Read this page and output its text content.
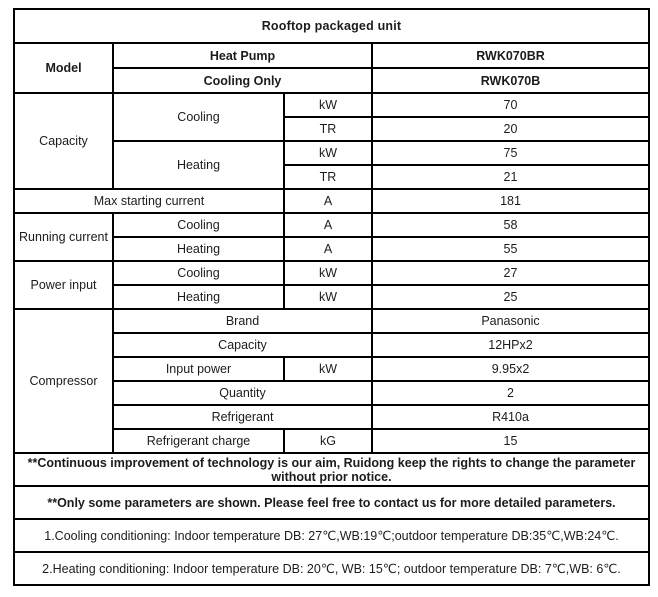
Rooftop packaged unit			
Model	Heat Pump		RWK070BR
	Cooling Only		RWK070B
Capacity	Cooling	kW	70
		TR	20
	Heating	kW	75
		TR	21
Max starting current		A	181
Running current	Cooling	A	58
	Heating	A	55
Power input	Cooling	kW	27
	Heating	kW	25
Compressor	Brand		Panasonic
	Capacity		12HPx2
	Input power	kW	9.95x2
	Quantity		2
	Refrigerant		R410a
	Refrigerant charge	kG	15
**Continuous improvement of technology is our aim, Ruidong keep the rights to change the parameter without prior notice.			
**Only some parameters are shown. Please feel free to contact us for more detailed parameters.			
1.Cooling conditioning: Indoor temperature DB: 27℃,WB:19℃;outdoor temperature DB:35℃,WB:24℃.			
2.Heating conditioning: Indoor temperature DB: 20℃, WB: 15℃; outdoor temperature DB: 7℃,WB: 6℃.			
